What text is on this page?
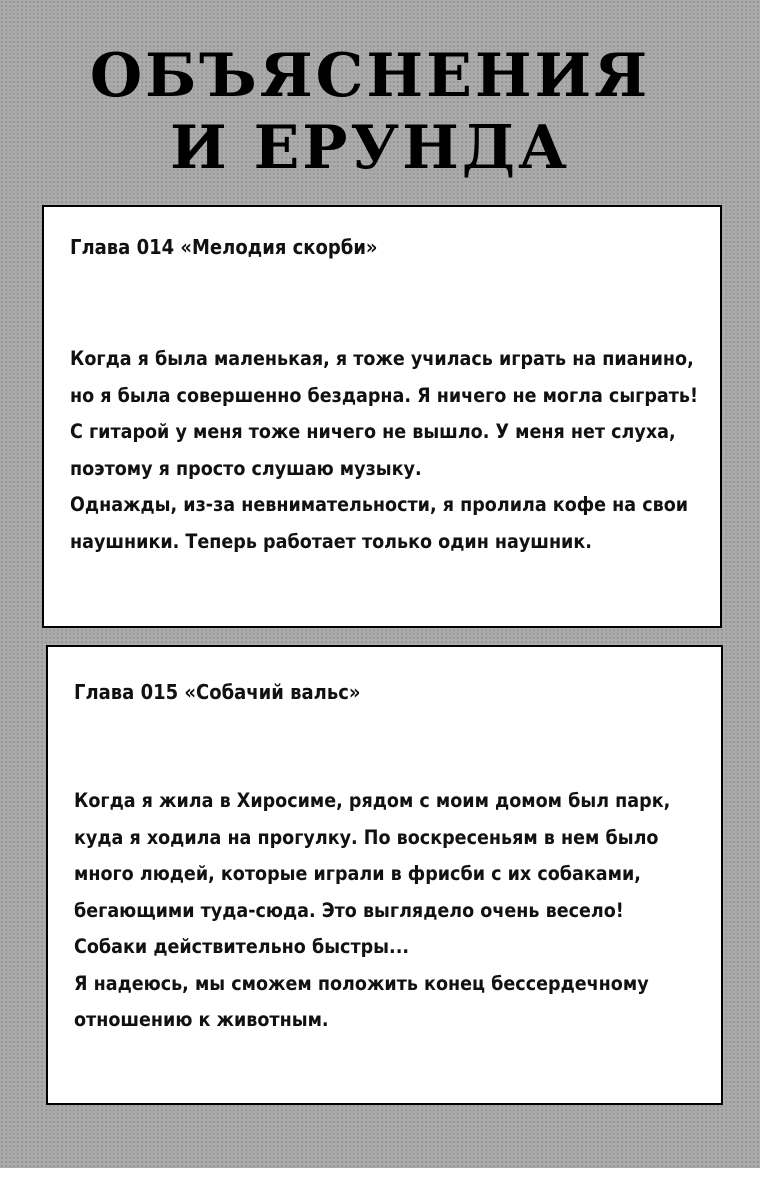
ОБЪЯСНЕНИЯ
И ЕРУНДА
Глава 014 «Мелодия скорби»
Когда я была маленькая, я тоже училась играть на пианино,
но я была совершенно бездарна. Я ничего не могла сыграть!
С гитарой у меня тоже ничего не вышло. У меня нет слуха,
поэтому я просто слушаю музыку.
Однажды, из-за невнимательности, я пролила кофе на свои
наушники. Теперь работает только один наушник.
Глава 015 «Собачий вальс»
Когда я жила в Хиросиме, рядом с моим домом был парк,
куда я ходила на прогулку. По воскресеньям в нем было
много людей, которые играли в фрисби с их собаками,
бегающими туда-сюда. Это выглядело очень весело!
Собаки действительно быстры...
Я надеюсь, мы сможем положить конец бессердечному
отношению к животным.
